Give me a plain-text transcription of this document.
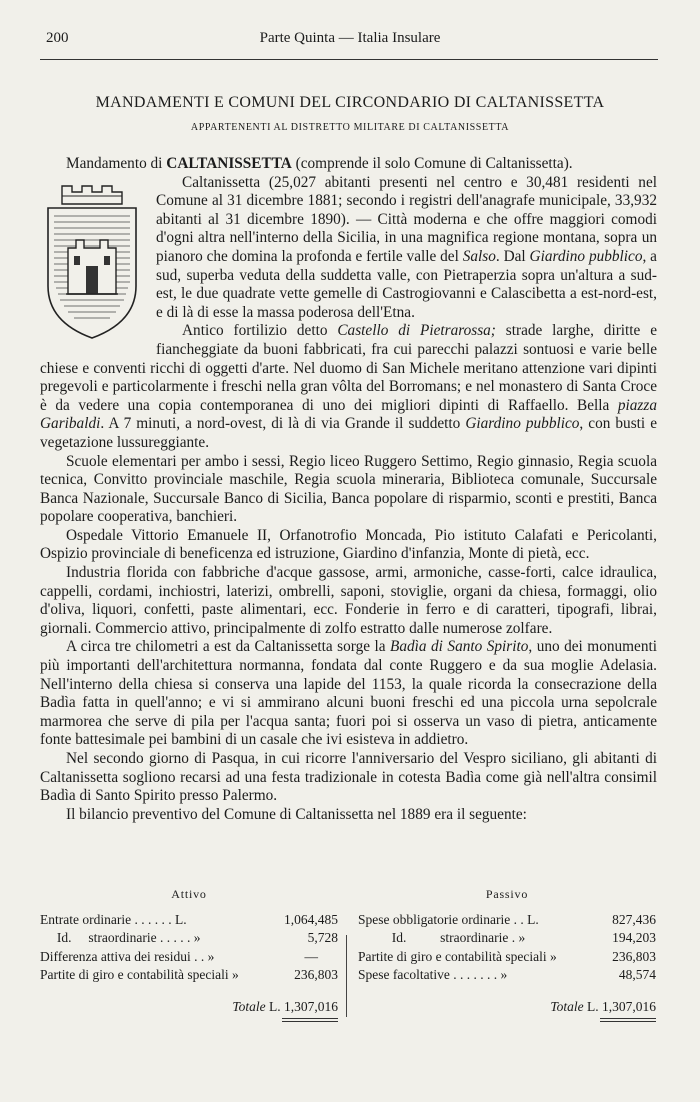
200	Parte Quinta — Italia Insulare
MANDAMENTI E COMUNI DEL CIRCONDARIO DI CALTANISSETTA
APPARTENENTI AL DISTRETTO MILITARE DI CALTANISSETTA

Mandamento di CALTANISSETTA (comprende il solo Comune di Caltanissetta).

Caltanissetta (25,027 abitanti presenti nel centro e 30,481 residenti nel Comune al 31 dicembre 1881; secondo i registri dell'anagrafe municipale, 33,932 abitanti al 31 dicembre 1890). — Città moderna e che offre maggiori comodi d'ogni altra nell'interno della Sicilia, in una magnifica regione montana, sopra un pianoro che domina la profonda e fertile valle del Salso. Dal Giardino pubblico, a sud, superba veduta della suddetta valle, con Pietraperzia sopra un'altura a sud-est, le due quadrate vette gemelle di Castrogiovanni e Calascibetta a est-nord-est, e di là di esse la massa poderosa dell'Etna.

Antico fortilizio detto Castello di Pietrarossa; strade larghe, diritte e fiancheggiate da buoni fabbricati, fra cui parecchi palazzi sontuosi e varie belle chiese e conventi ricchi di oggetti d'arte. Nel duomo di San Michele meritano attenzione vari dipinti pregevoli e particolarmente i freschi nella gran vôlta del Borromans; e nel monastero di Santa Croce è da vedere una copia contemporanea di uno dei migliori dipinti di Raffaello. Bella piazza Garibaldi. A 7 minuti, a nord-ovest, di là di via Grande il suddetto Giardino pubblico, con busti e vegetazione lussureggiante.

Scuole elementari per ambo i sessi, Regio liceo Ruggero Settimo, Regio ginnasio, Regia scuola tecnica, Convitto provinciale maschile, Regia scuola mineraria, Biblioteca comunale, Succursale Banca Nazionale, Succursale Banco di Sicilia, Banca popolare di risparmio, sconti e prestiti, Banca popolare cooperativa, banchieri.

Ospedale Vittorio Emanuele II, Orfanotrofio Moncada, Pio istituto Calafati e Pericolanti, Ospizio provinciale di beneficenza ed istruzione, Giardino d'infanzia, Monte di pietà, ecc.

Industria florida con fabbriche d'acque gassose, armi, armoniche, casse-forti, calce idraulica, cappelli, cordami, inchiostri, laterizi, ombrelli, saponi, stoviglie, organi da chiesa, formaggi, olio d'oliva, liquori, confetti, paste alimentari, ecc. Fonderie in ferro e di caratteri, tipografi, librai, giornali. Commercio attivo, principalmente di zolfo estratto dalle numerose zolfare.

A circa tre chilometri a est da Caltanissetta sorge la Badìa di Santo Spirito, uno dei monumenti più importanti dell'architettura normanna, fondata dal conte Ruggero e da sua moglie Adelasia. Nell'interno della chiesa si conserva una lapide del 1153, la quale ricorda la consecrazione della Badìa fatta in quell'anno; e vi si ammirano alcuni buoni freschi ed una piccola urna sepolcrale marmorea che serve di pila per l'acqua santa; fuori poi si osserva un vaso di pietra, anticamente fonte battesimale pei bambini di un casale che ivi esisteva in addietro.

Nel secondo giorno di Pasqua, in cui ricorre l'anniversario del Vespro siciliano, gli abitanti di Caltanissetta sogliono recarsi ad una festa tradizionale in cotesta Badìa come già nell'altra consimil Badìa di Santo Spirito presso Palermo.

Il bilancio preventivo del Comune di Caltanissetta nel 1889 era il seguente:

Attivo
Entrate ordinarie . . . . . . L.	1,064,485
Id.     straordinarie . . . . . »	5,728
Differenza attiva dei residui . . »	—
Partite di giro e contabilità speciali »	236,803
Totale L. 1,307,016
Passivo
Spese obbligatorie ordinarie . . L.	827,436
Id.          straordinarie . »	194,203
Partite di giro e contabilità speciali »	236,803
Spese facoltative . . . . . . . »	48,574
Totale L. 1,307,016
